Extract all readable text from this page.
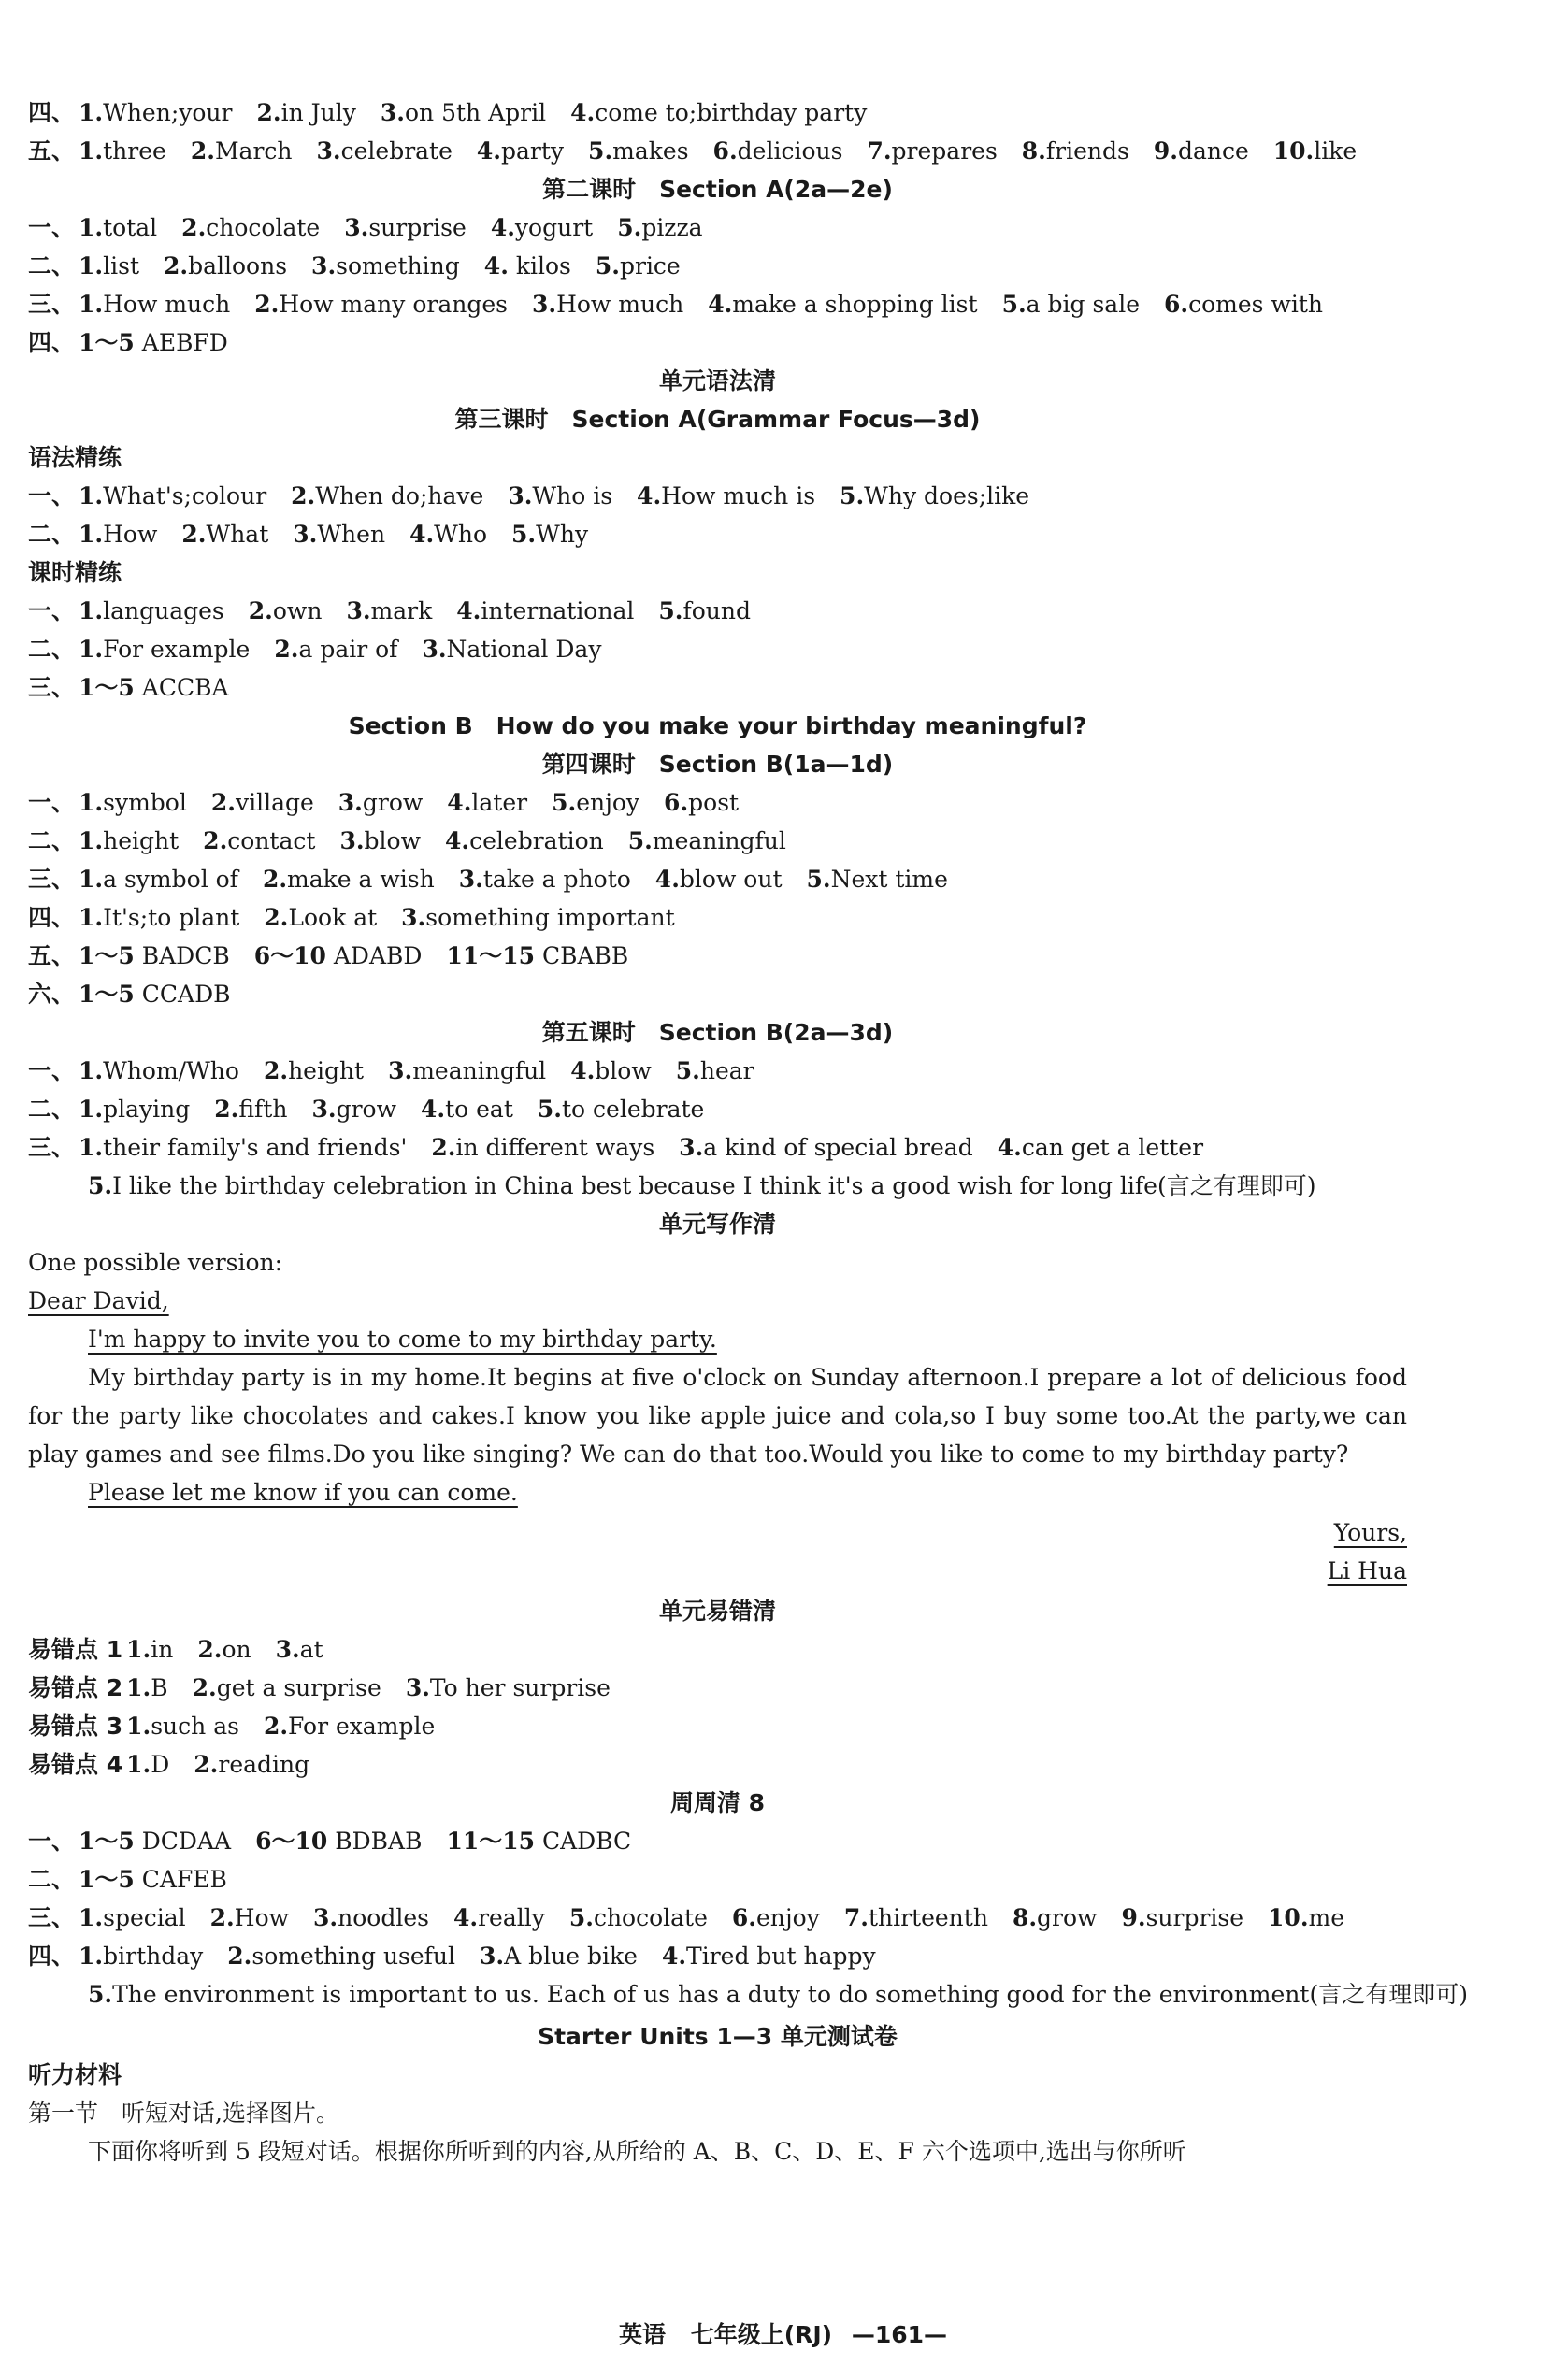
四、 1.When;your 2.in July 3.on 5th April 4.come to;birthday party
五、 1.three 2.March 3.celebrate 4.party 5.makes 6.delicious 7.prepares 8.friends 9.dance 10.like
第二课时　Section A(2a—2e)
一、 1.total 2.chocolate 3.surprise 4.yogurt 5.pizza
二、 1.list 2.balloons 3.something 4. kilos 5.price
三、 1.How much 2.How many oranges 3.How much 4.make a shopping list 5.a big sale 6.comes with
四、 1～5 AEBFD
单元语法清
第三课时　Section A(Grammar Focus—3d)
语法精练
一、 1.What's;colour 2.When do;have 3.Who is 4.How much is 5.Why does;like
二、 1.How 2.What 3.When 4.Who 5.Why
课时精练
一、 1.languages 2.own 3.mark 4.international 5.found
二、 1.For example 2.a pair of 3.National Day
三、 1～5 ACCBA
Section B　How do you make your birthday meaningful?
第四课时　Section B(1a—1d)
一、 1.symbol 2.village 3.grow 4.later 5.enjoy 6.post
二、 1.height 2.contact 3.blow 4.celebration 5.meaningful
三、 1.a symbol of 2.make a wish 3.take a photo 4.blow out 5.Next time
四、 1.It's;to plant 2.Look at 3.something important
五、 1～5 BADCB 6～10 ADABD 11～15 CBABB
六、 1～5 CCADB
第五课时　Section B(2a—3d)
一、 1.Whom/Who 2.height 3.meaningful 4.blow 5.hear
二、 1.playing 2.fifth 3.grow 4.to eat 5.to celebrate
三、 1.their family's and friends' 2.in different ways 3.a kind of special bread 4.can get a letter
5.I like the birthday celebration in China best because I think it's a good wish for long life(言之有理即可)
单元写作清
One possible version:
Dear David,
I'm happy to invite you to come to my birthday party.
My birthday party is in my home.It begins at five o'clock on Sunday afternoon.I prepare a lot of delicious food for the party like chocolates and cakes.I know you like apple juice and cola,so I buy some too.At the party,we can play games and see films.Do you like singing? We can do that too.Would you like to come to my birthday party?
Please let me know if you can come.
Yours,
Li Hua
单元易错清
易错点 1 1.in 2.on 3.at
易错点 2 1.B 2.get a surprise 3.To her surprise
易错点 3 1.such as 2.For example
易错点 4 1.D 2.reading
周周清 8
一、 1～5 DCDAA 6～10 BDBAB 11～15 CADBC
二、 1～5 CAFEB
三、 1.special 2.How 3.noodles 4.really 5.chocolate 6.enjoy 7.thirteenth 8.grow 9.surprise 10.me
四、 1.birthday 2.something useful 3.A blue bike 4.Tired but happy
5.The environment is important to us. Each of us has a duty to do something good for the environment(言之有理即可)
Starter Units 1—3 单元测试卷
听力材料
第一节　听短对话,选择图片。
下面你将听到 5 段短对话。根据你所听到的内容,从所给的 A、B、C、D、E、F 六个选项中,选出与你所听
英语 七年级上(RJ) —161—
